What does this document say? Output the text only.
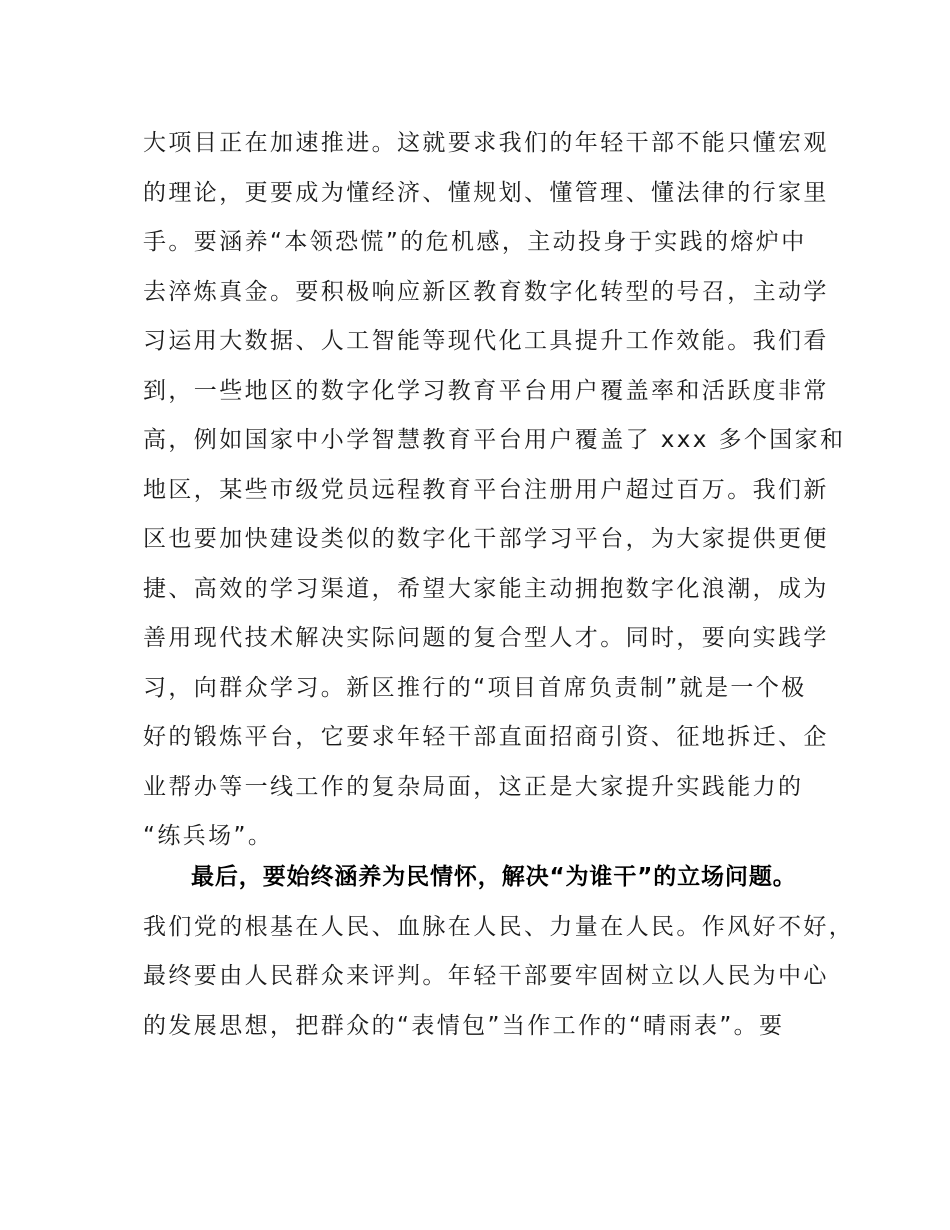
大项目正在加速推进。这就要求我们的年轻干部不能只懂宏观
的理论，更要成为懂经济、懂规划、懂管理、懂法律的行家里
手。要涵养“本领恐慌”的危机感，主动投身于实践的熔炉中
去淬炼真金。要积极响应新区教育数字化转型的号召，主动学
习运用大数据、人工智能等现代化工具提升工作效能。我们看
到，一些地区的数字化学习教育平台用户覆盖率和活跃度非常
高，例如国家中小学智慧教育平台用户覆盖了 xxx 多个国家和
地区，某些市级党员远程教育平台注册用户超过百万。我们新
区也要加快建设类似的数字化干部学习平台，为大家提供更便
捷、高效的学习渠道，希望大家能主动拥抱数字化浪潮，成为
善用现代技术解决实际问题的复合型人才。同时，要向实践学
习，向群众学习。新区推行的“项目首席负责制”就是一个极
好的锻炼平台，它要求年轻干部直面招商引资、征地拆迁、企
业帮办等一线工作的复杂局面，这正是大家提升实践能力的
“练兵场”。
最后，要始终涵养为民情怀，解决“为谁干”的立场问题。
我们党的根基在人民、血脉在人民、力量在人民。作风好不好，
最终要由人民群众来评判。年轻干部要牢固树立以人民为中心
的发展思想，把群众的“表情包”当作工作的“晴雨表”。要
